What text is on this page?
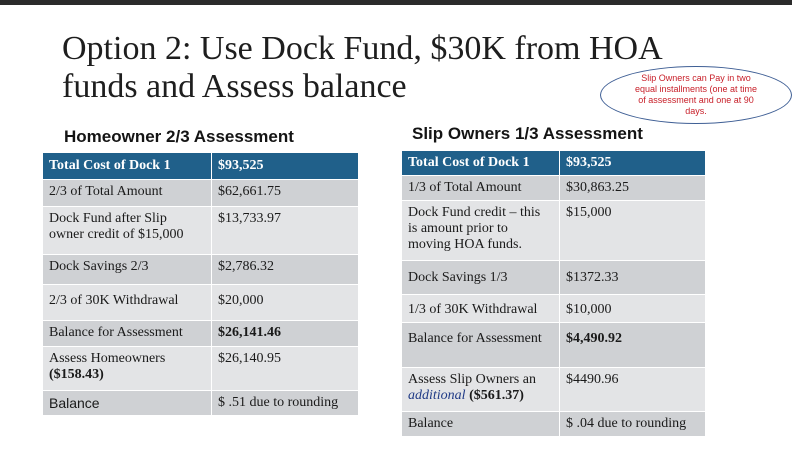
Option 2: Use Dock Fund, $30K from HOA funds and Assess balance	Slip Owners can Pay in two equal installments (one at time of assessment and one at 90 days.
Homeowner 2/3 Assessment	Slip Owners 1/3 Assessment
Total Cost of Dock 1	$93,525
2/3 of Total Amount	$62,661.75
Dock Fund after Slip owner credit of $15,000	$13,733.97
Dock Savings 2/3	$2,786.32
2/3 of 30K Withdrawal	$20,000
Balance for Assessment	$26,141.46
Assess Homeowners
($158.43)	$26,140.95
Balance	$ .51 due to rounding
Total Cost of Dock 1	$93,525
1/3 of Total Amount	$30,863.25
Dock Fund credit – this is amount prior to moving HOA funds.	$15,000
Dock Savings 1/3	$1372.33
1/3 of 30K Withdrawal	$10,000
Balance for Assessment	$4,490.92
Assess Slip Owners an
additional ($561.37)	$4490.96
Balance	$ .04 due to rounding
